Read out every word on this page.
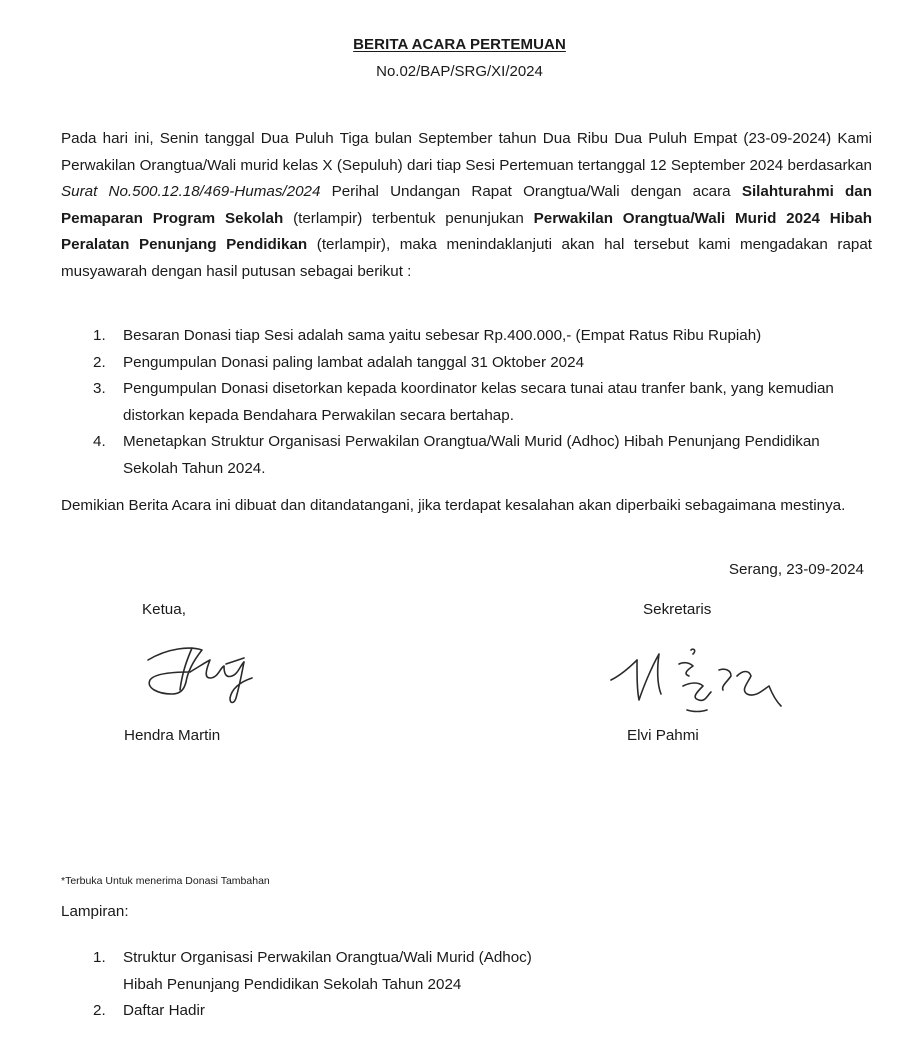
BERITA ACARA PERTEMUAN
No.02/BAP/SRG/XI/2024

Pada hari ini, Senin tanggal Dua Puluh Tiga bulan September tahun Dua Ribu Dua Puluh Empat (23-09-2024) Kami Perwakilan Orangtua/Wali murid kelas X (Sepuluh) dari tiap Sesi Pertemuan tertanggal 12 September 2024 berdasarkan Surat No.500.12.18/469-Humas/2024 Perihal Undangan Rapat Orangtua/Wali dengan acara Silahturahmi dan Pemaparan Program Sekolah (terlampir) terbentuk penunjukan Perwakilan Orangtua/Wali Murid 2024 Hibah Peralatan Penunjang Pendidikan (terlampir), maka menindaklanjuti akan hal tersebut kami mengadakan rapat musyawarah dengan hasil putusan sebagai berikut :

1. Besaran Donasi tiap Sesi adalah sama yaitu sebesar Rp.400.000,- (Empat Ratus Ribu Rupiah)
2. Pengumpulan Donasi paling lambat adalah tanggal 31 Oktober 2024
3. Pengumpulan Donasi disetorkan kepada koordinator kelas secara tunai atau tranfer bank, yang kemudian distorkan kepada Bendahara Perwakilan secara bertahap.
4. Menetapkan Struktur Organisasi Perwakilan Orangtua/Wali Murid (Adhoc) Hibah Penunjang Pendidikan Sekolah Tahun 2024.

Demikian Berita Acara ini dibuat dan ditandatangani, jika terdapat kesalahan akan diperbaiki sebagaimana mestinya.

Serang, 23-09-2024
Ketua,	Sekretaris
Hendra Martin	Elvi Pahmi
*Terbuka Untuk menerima Donasi Tambahan
Lampiran:
1. Struktur Organisasi Perwakilan Orangtua/Wali Murid (Adhoc)
Hibah Penunjang Pendidikan Sekolah Tahun 2024
2. Daftar Hadir
